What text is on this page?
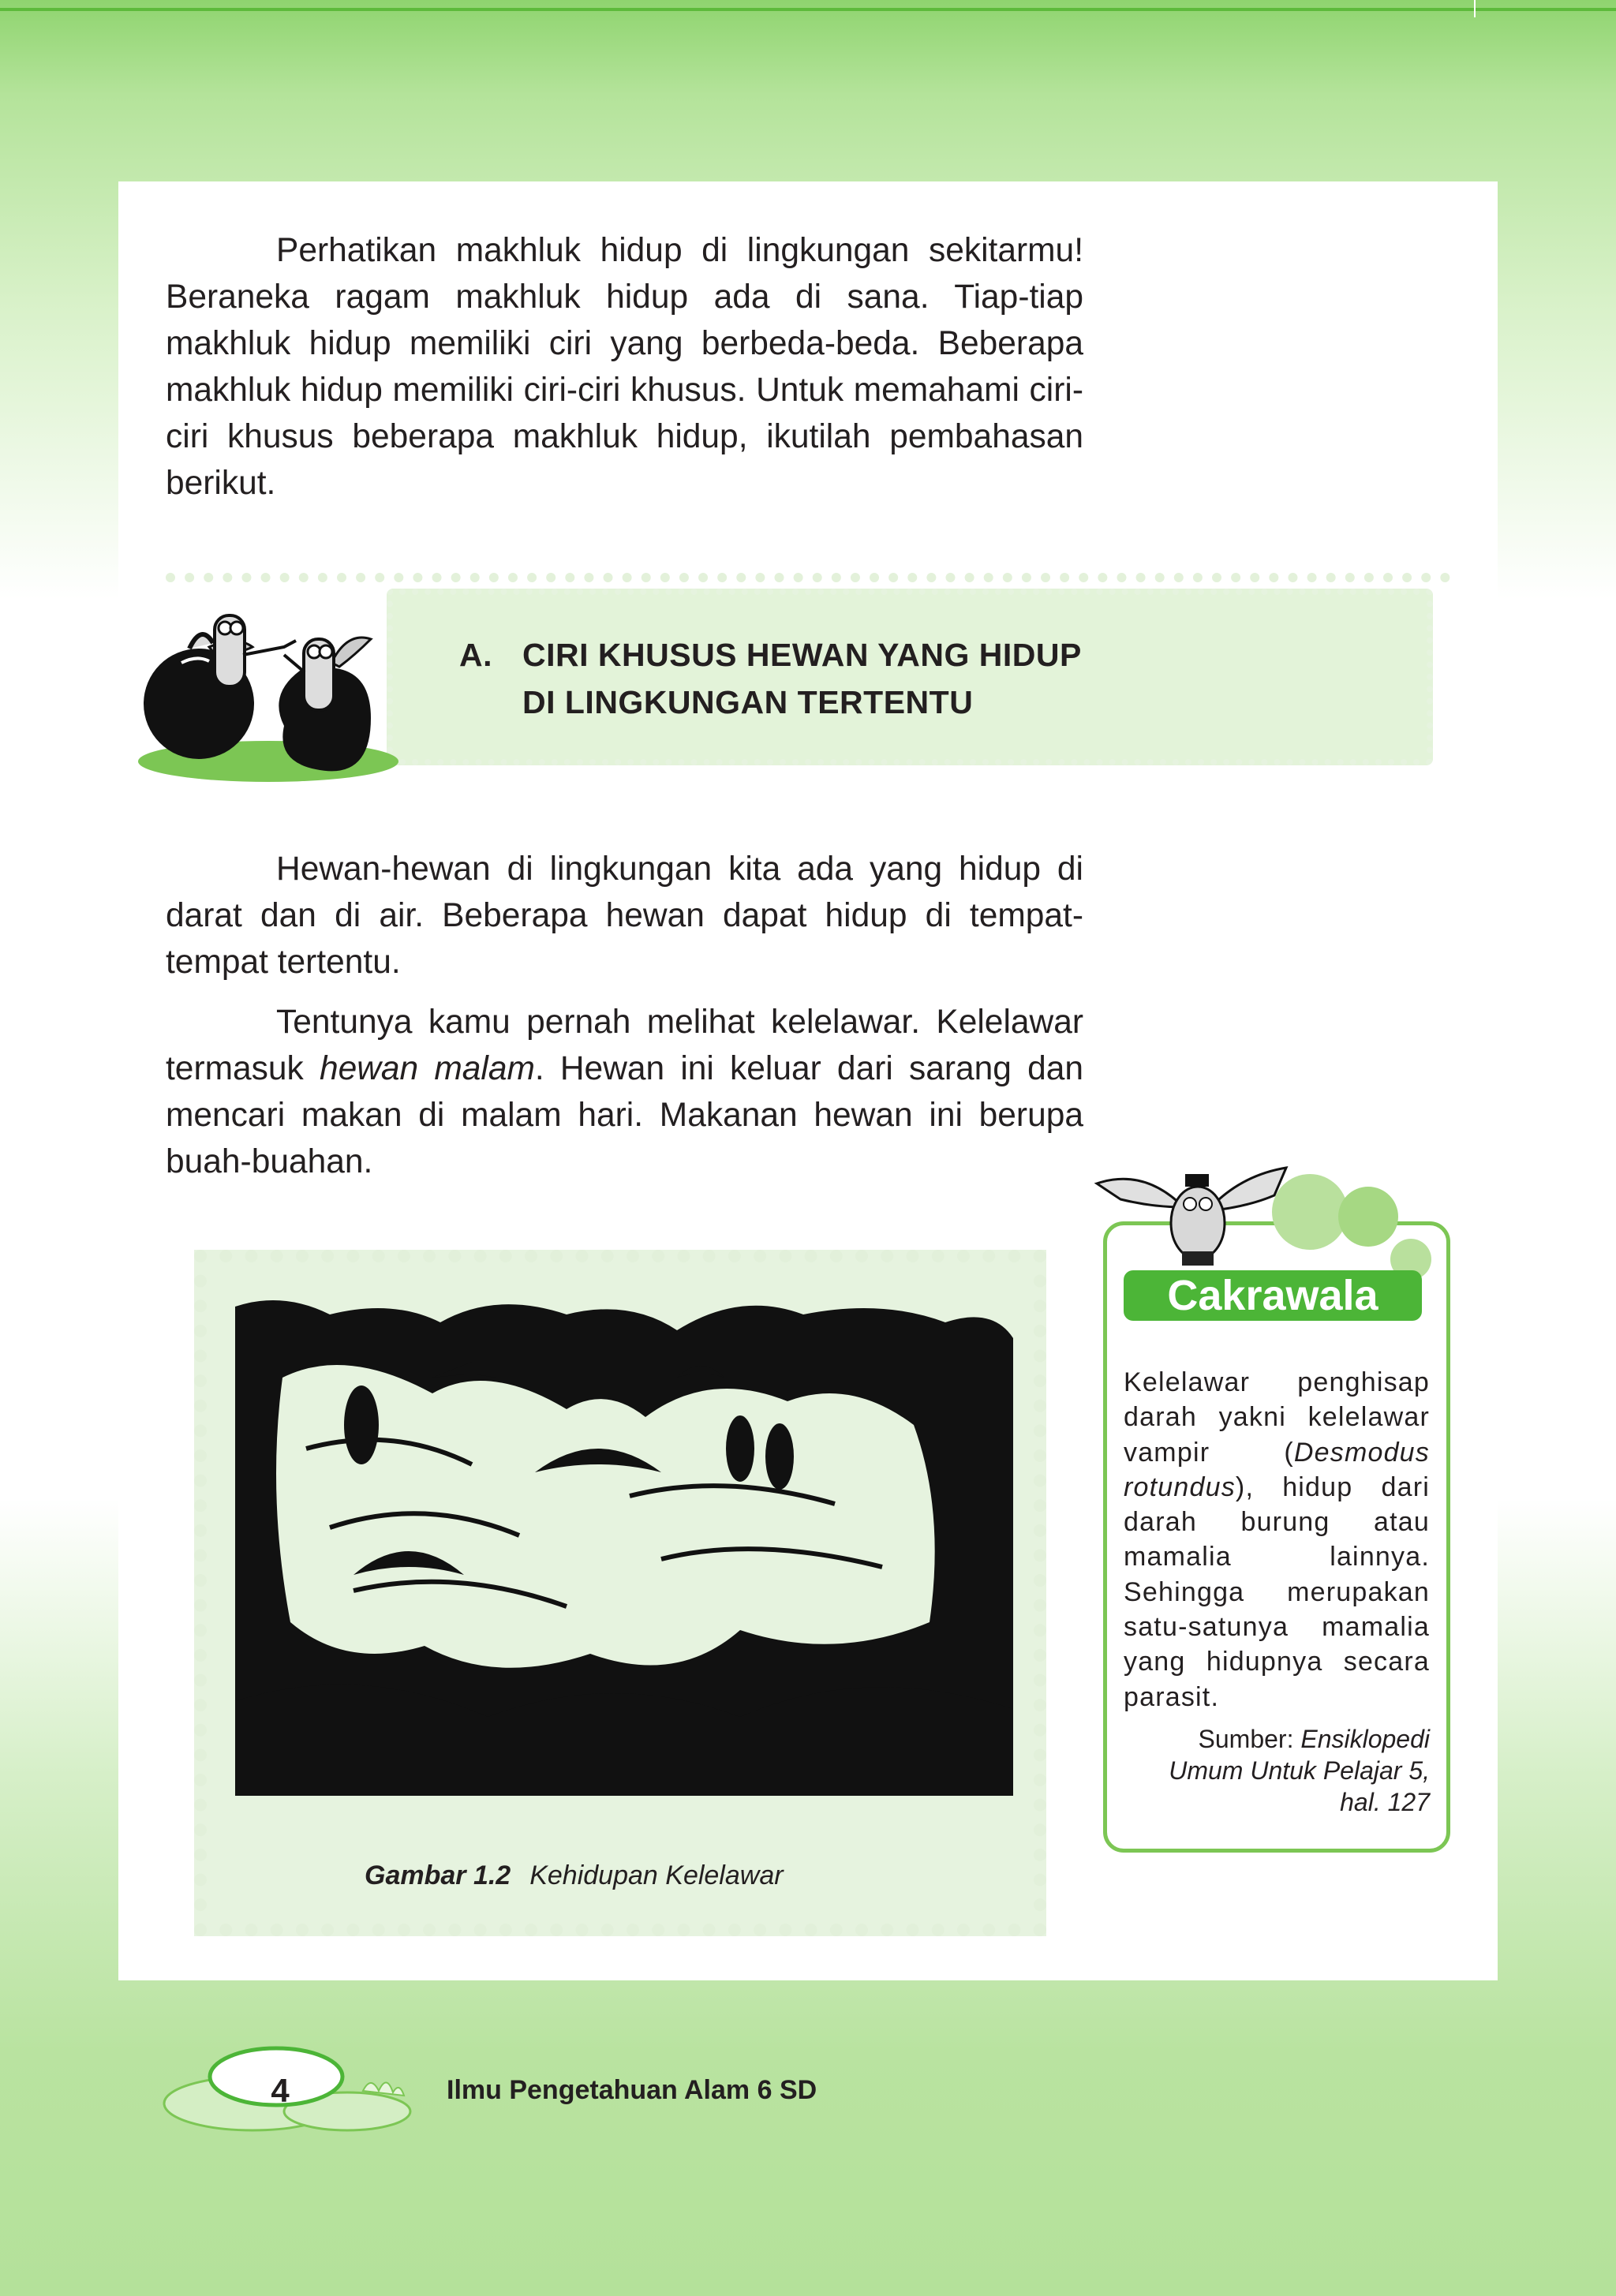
Perhatikan makhluk hidup di lingkungan sekitarmu! Beraneka ragam makhluk hidup ada di sana. Tiap-tiap makhluk hidup memiliki ciri yang berbeda-beda. Beberapa makhluk hidup memiliki ciri-ciri khusus. Untuk memahami ciri-ciri khusus beberapa makhluk hidup, ikutilah pembahasan berikut.

A. CIRI KHUSUS HEWAN YANG HIDUP
DI LINGKUNGAN TERTENTU

Hewan-hewan di lingkungan kita ada yang hidup di darat dan di air. Beberapa hewan dapat hidup di tempat-tempat tertentu.

Tentunya kamu pernah melihat kelelawar. Kelelawar termasuk hewan malam. Hewan ini keluar dari sarang dan mencari makan di malam hari. Makanan hewan ini berupa buah-buahan.

Gambar 1.2 Kehidupan Kelelawar

Cakrawala

Kelelawar penghisap darah yakni kelelawar vampir (Desmodus rotundus), hidup dari darah burung atau mamalia lainnya. Sehingga merupakan satu-satunya mamalia yang hidupnya secara parasit.

Sumber: Ensiklopedi Umum Untuk Pelajar 5, hal. 127

4	Ilmu Pengetahuan Alam 6 SD
